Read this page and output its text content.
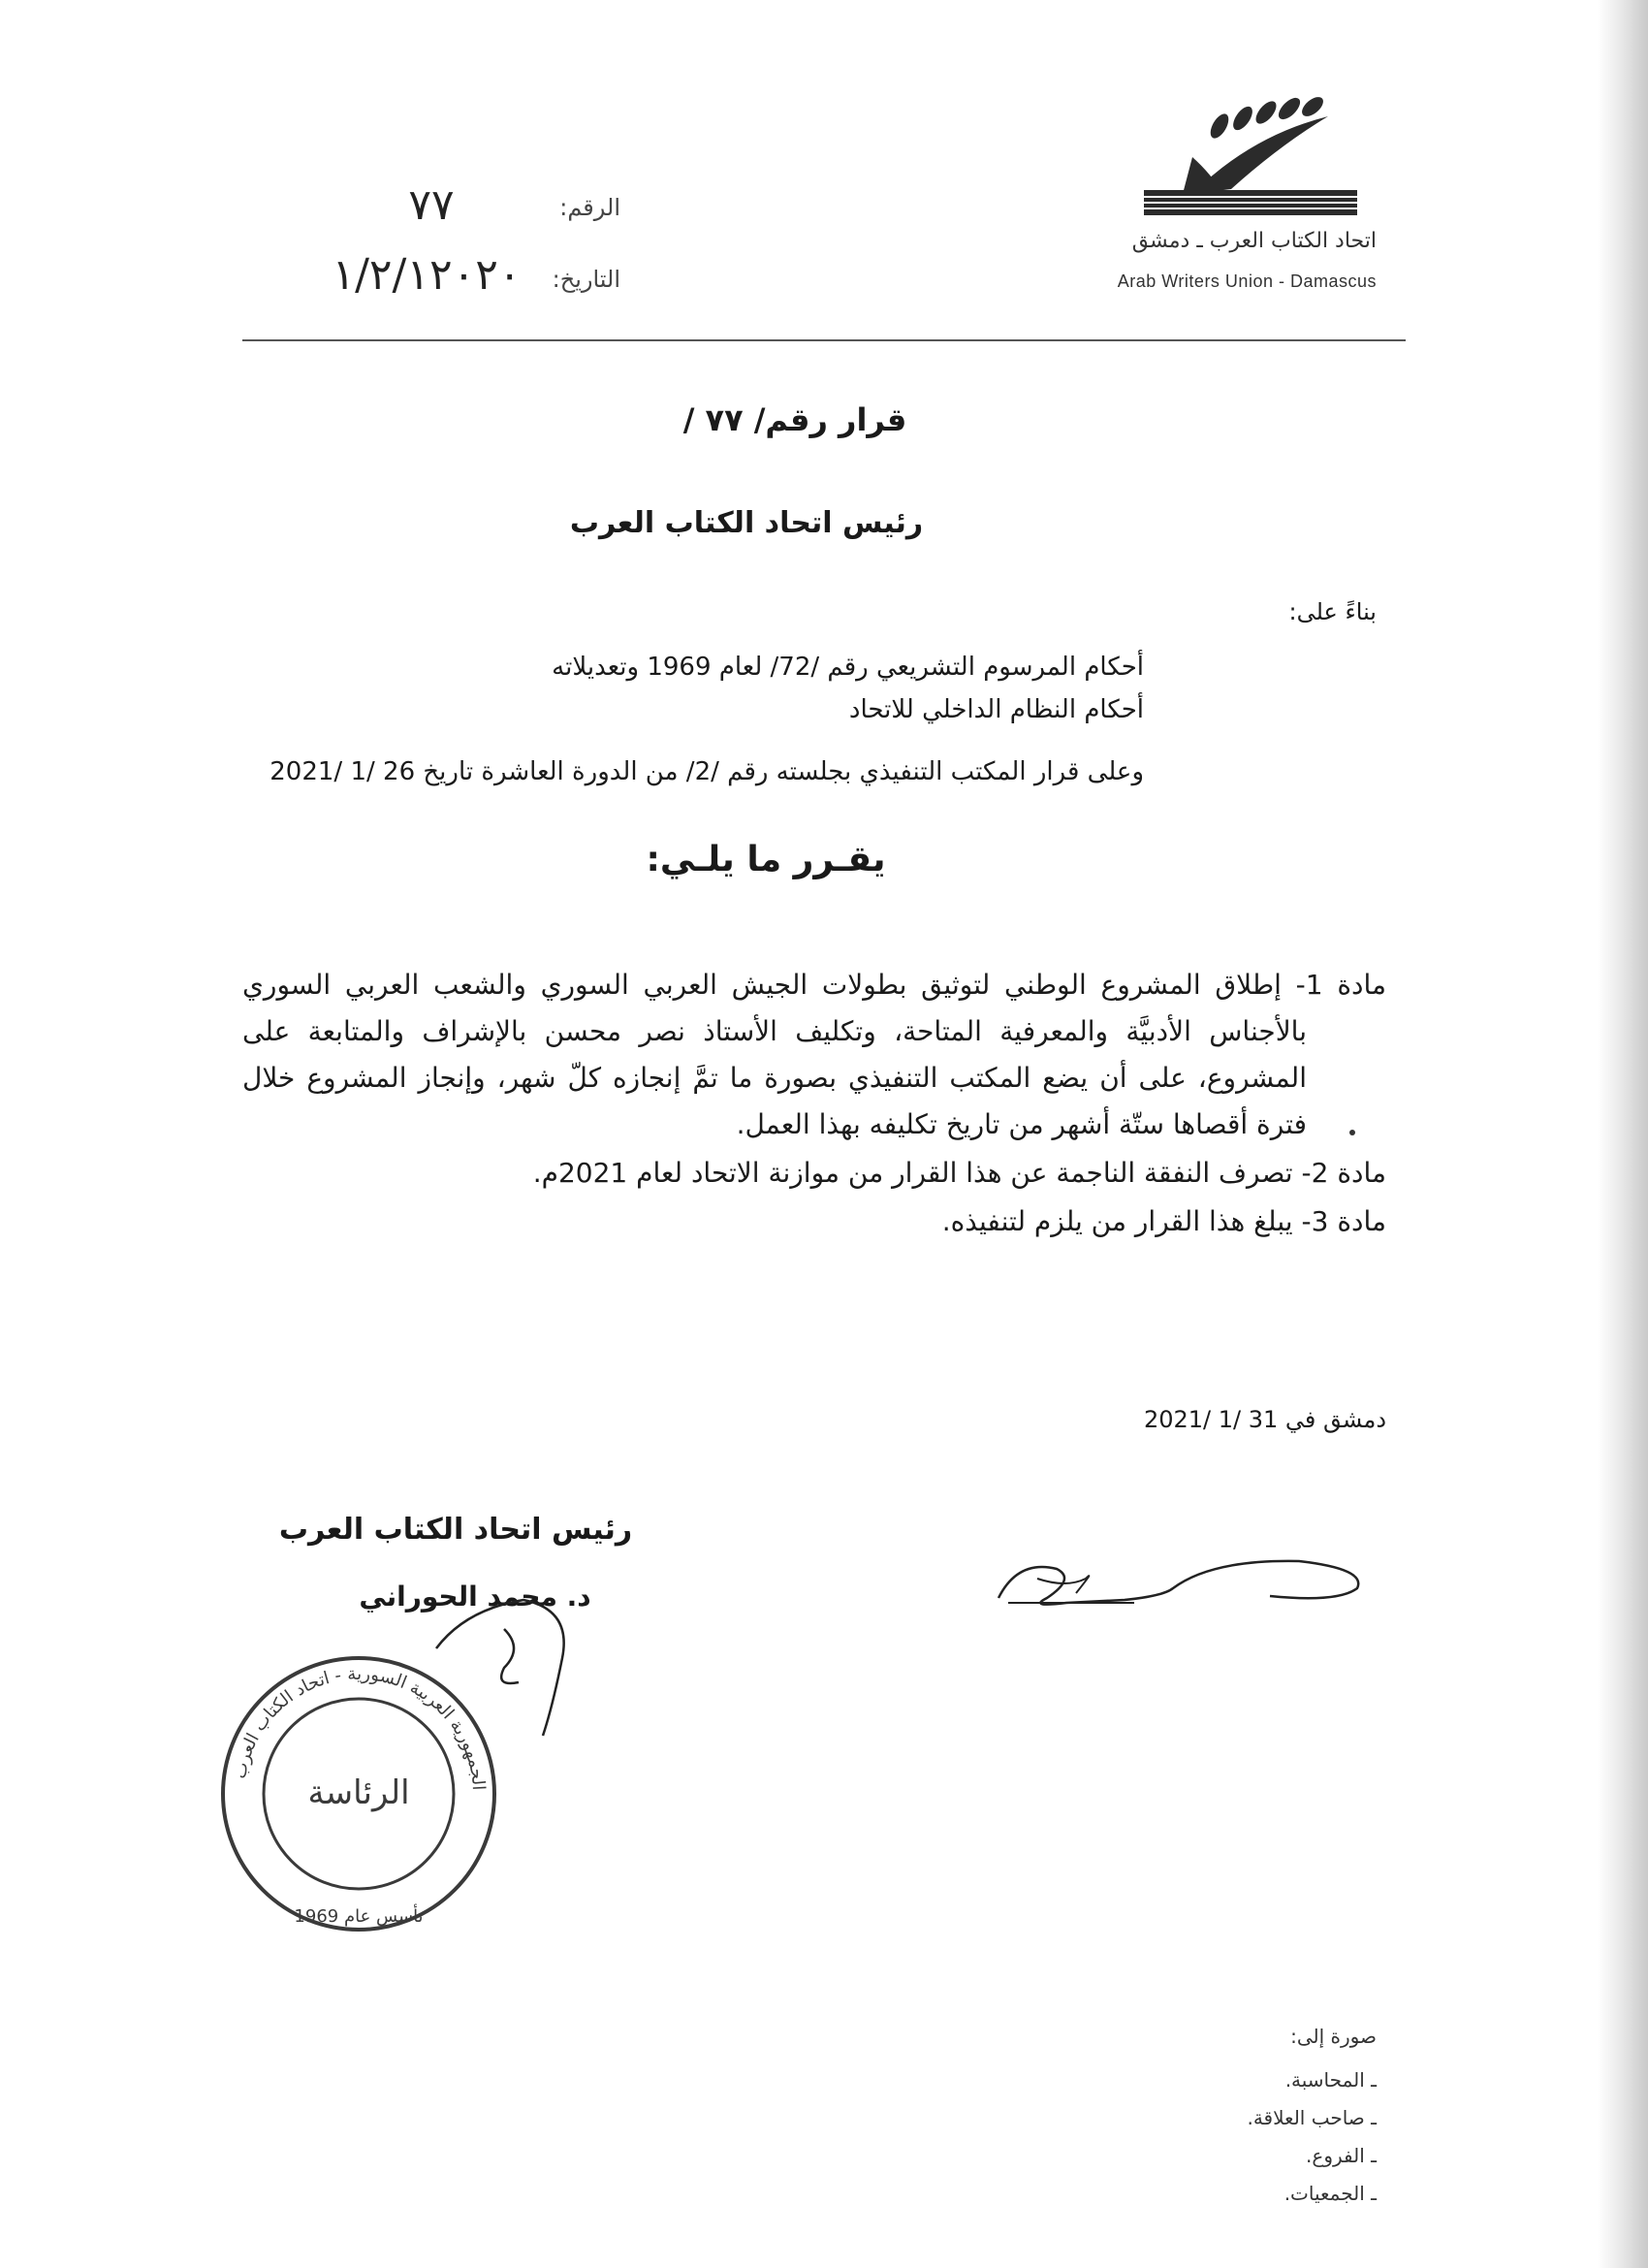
اتحاد الكتاب العرب ـ دمشق
Arab Writers Union - Damascus
الرقم:
٧٧
التاريخ:
١/٢/١٢٠٢٠
قرار رقم/ ٧٧ /
رئيس اتحاد الكتاب العرب
بناءً على:
أحكام المرسوم التشريعي رقم /72/ لعام 1969 وتعديلاته
أحكام النظام الداخلي للاتحاد
وعلى قرار المكتب التنفيذي بجلسته رقم /2/ من الدورة العاشرة تاريخ 26 /1 /2021
يقـرر ما يلـي:
مادة 1- إطلاق المشروع الوطني لتوثيق بطولات الجيش العربي السوري والشعب العربي السوري بالأجناس الأدبيَّة والمعرفية المتاحة، وتكليف الأستاذ نصر محسن بالإشراف والمتابعة على المشروع، على أن يضع المكتب التنفيذي بصورة ما تمَّ إنجازه كلّ شهر، وإنجاز المشروع خلال فترة أقصاها ستّة أشهر من تاريخ تكليفه بهذا العمل.
مادة 2- تصرف النفقة الناجمة عن هذا القرار من موازنة الاتحاد لعام 2021م.
مادة 3- يبلغ هذا القرار من يلزم لتنفيذه.
دمشق في 31 /1 /2021
رئيس اتحاد الكتاب العرب
د. محمد الحوراني
الجمهورية العربية السورية - اتحاد الكتاب العرب
الرئاسة
تأسس عام 1969
صورة إلى:
ـ المحاسبة.
ـ صاحب العلاقة.
ـ الفروع.
ـ الجمعيات.
